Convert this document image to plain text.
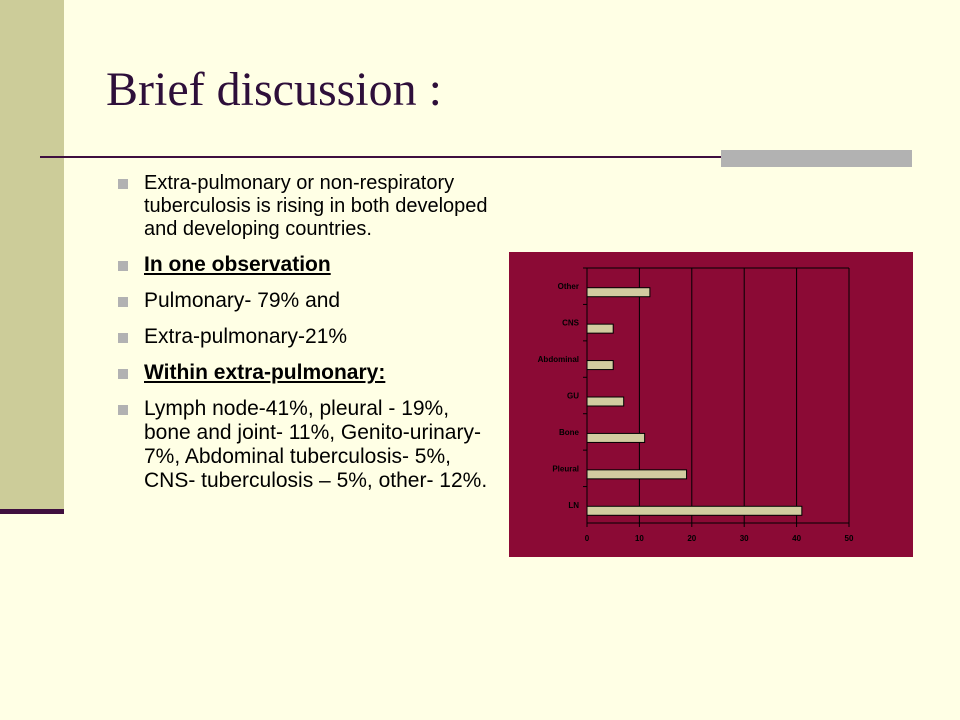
Brief discussion :
Extra-pulmonary or non-respiratory tuberculosis is rising in both developed and developing countries.
In one observation
Pulmonary- 79% and
Extra-pulmonary-21%
Within extra-pulmonary:
Lymph node-41%, pleural - 19%, bone and joint- 11%, Genito-urinary- 7%, Abdominal tuberculosis- 5%, CNS- tuberculosis – 5%, other- 12%.
0	10	20	30	40	50
Other
CNS
Abdominal
GU
Bone
Pleural
LN
